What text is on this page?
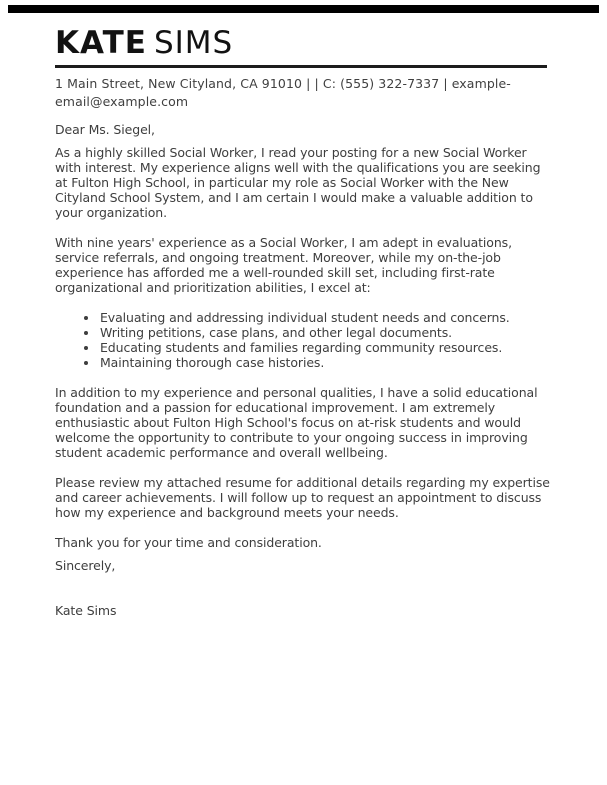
KATE SIMS

1 Main Street, New Cityland, CA 91010 | | C: (555) 322-7337 | example-
email@example.com

Dear Ms. Siegel,

As a highly skilled Social Worker, I read your posting for a new Social Worker with interest. My experience aligns well with the qualifications you are seeking at Fulton High School, in particular my role as Social Worker with the New Cityland School System, and I am certain I would make a valuable addition to your organization.

With nine years' experience as a Social Worker, I am adept in evaluations, service referrals, and ongoing treatment. Moreover, while my on-the-job experience has afforded me a well-rounded skill set, including first-rate organizational and prioritization abilities, I excel at:

• Evaluating and addressing individual student needs and concerns.
• Writing petitions, case plans, and other legal documents.
• Educating students and families regarding community resources.
• Maintaining thorough case histories.

In addition to my experience and personal qualities, I have a solid educational foundation and a passion for educational improvement. I am extremely enthusiastic about Fulton High School's focus on at-risk students and would welcome the opportunity to contribute to your ongoing success in improving student academic performance and overall wellbeing.

Please review my attached resume for additional details regarding my expertise and career achievements. I will follow up to request an appointment to discuss how my experience and background meets your needs.

Thank you for your time and consideration.

Sincerely,

Kate Sims
